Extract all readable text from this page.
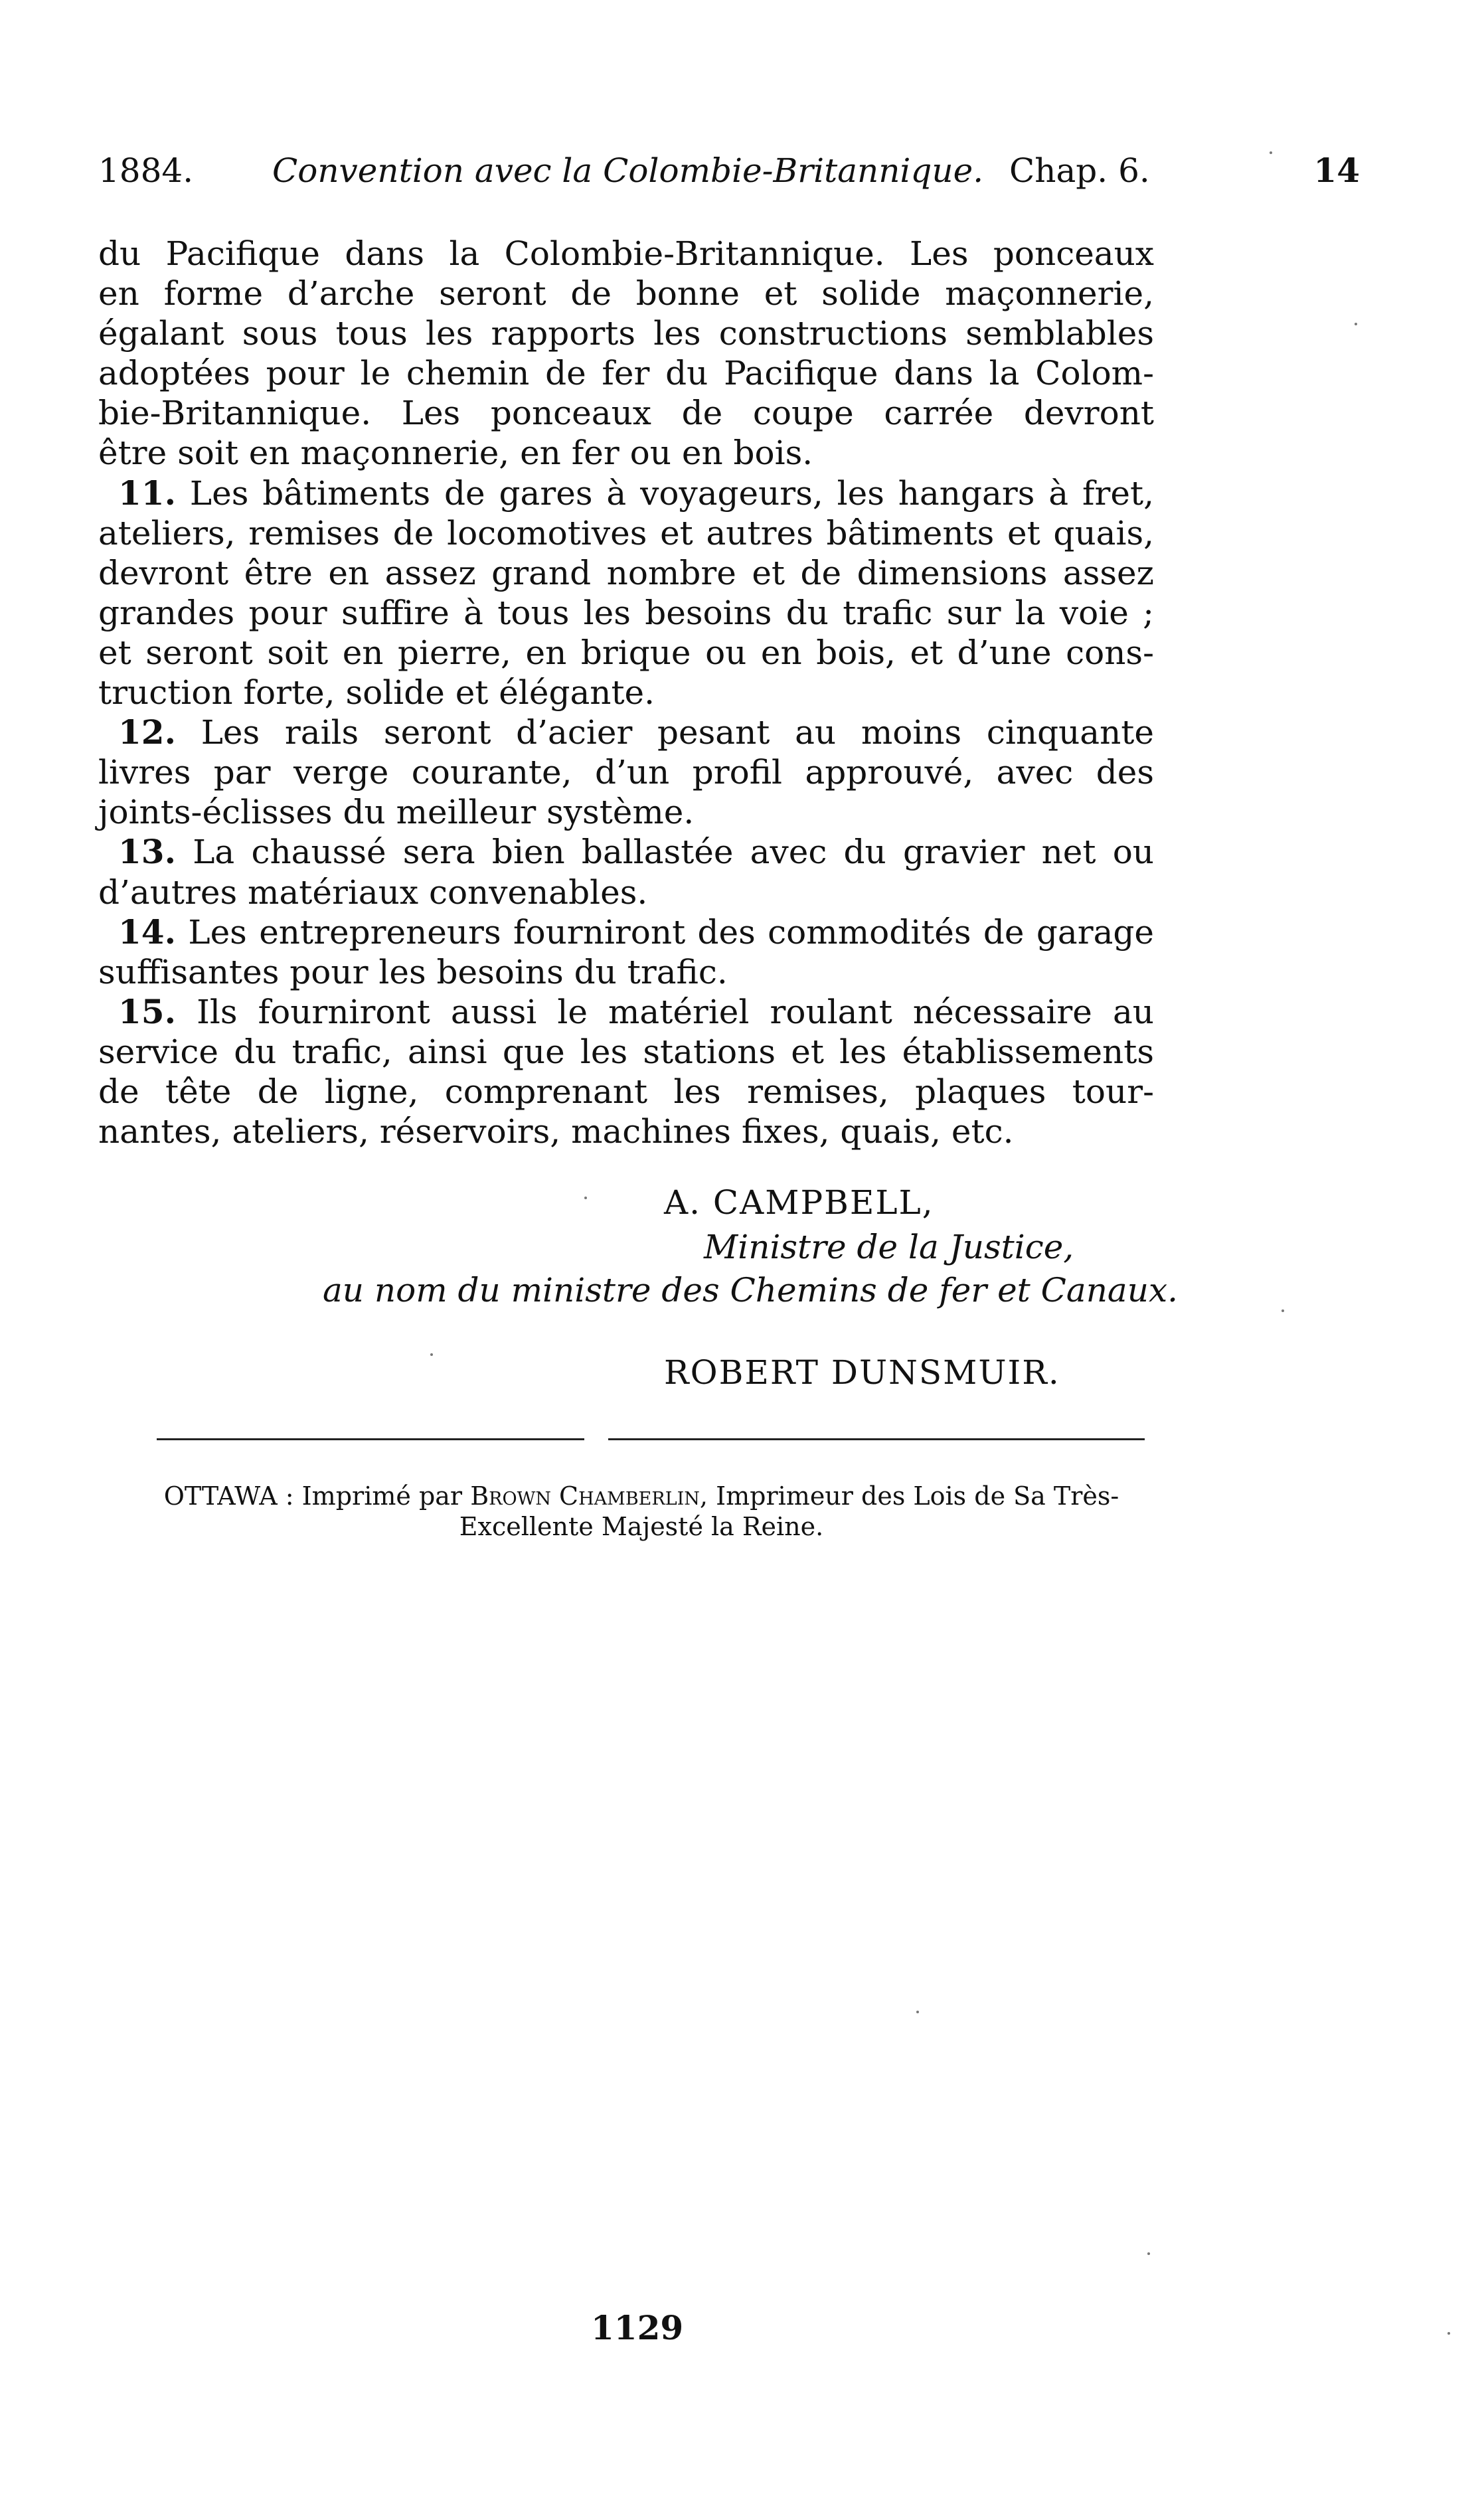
1884. Convention avec la Colombie-Britannique. Chap. 6.	14
du Pacifique dans la Colombie-Britannique. Les ponceaux
en forme d’arche seront de bonne et solide maçonnerie,
égalant sous tous les rapports les constructions semblables
adoptées pour le chemin de fer du Pacifique dans la Colom-
bie-Britannique. Les ponceaux de coupe carrée devront
être soit en maçonnerie, en fer ou en bois.
11. Les bâtiments de gares à voyageurs, les hangars à fret,
ateliers, remises de locomotives et autres bâtiments et quais,
devront être en assez grand nombre et de dimensions assez
grandes pour suffire à tous les besoins du trafic sur la voie ;
et seront soit en pierre, en brique ou en bois, et d’une cons-
truction forte, solide et élégante.
12. Les rails seront d’acier pesant au moins cinquante
livres par verge courante, d’un profil approuvé, avec des
joints-éclisses du meilleur système.
13. La chaussé sera bien ballastée avec du gravier net ou
d’autres matériaux convenables.
14. Les entrepreneurs fourniront des commodités de garage
suffisantes pour les besoins du trafic.
15. Ils fourniront aussi le matériel roulant nécessaire au
service du trafic, ainsi que les stations et les établissements
de tête de ligne, comprenant les remises, plaques tour-
nantes, ateliers, réservoirs, machines fixes, quais, etc.
A. CAMPBELL,
Ministre de la Justice,
au nom du ministre des Chemins de fer et Canaux.
ROBERT DUNSMUIR.
OTTAWA : Imprimé par Brown Chamberlin, Imprimeur des Lois de Sa Très-
Excellente Majesté la Reine.
1129
